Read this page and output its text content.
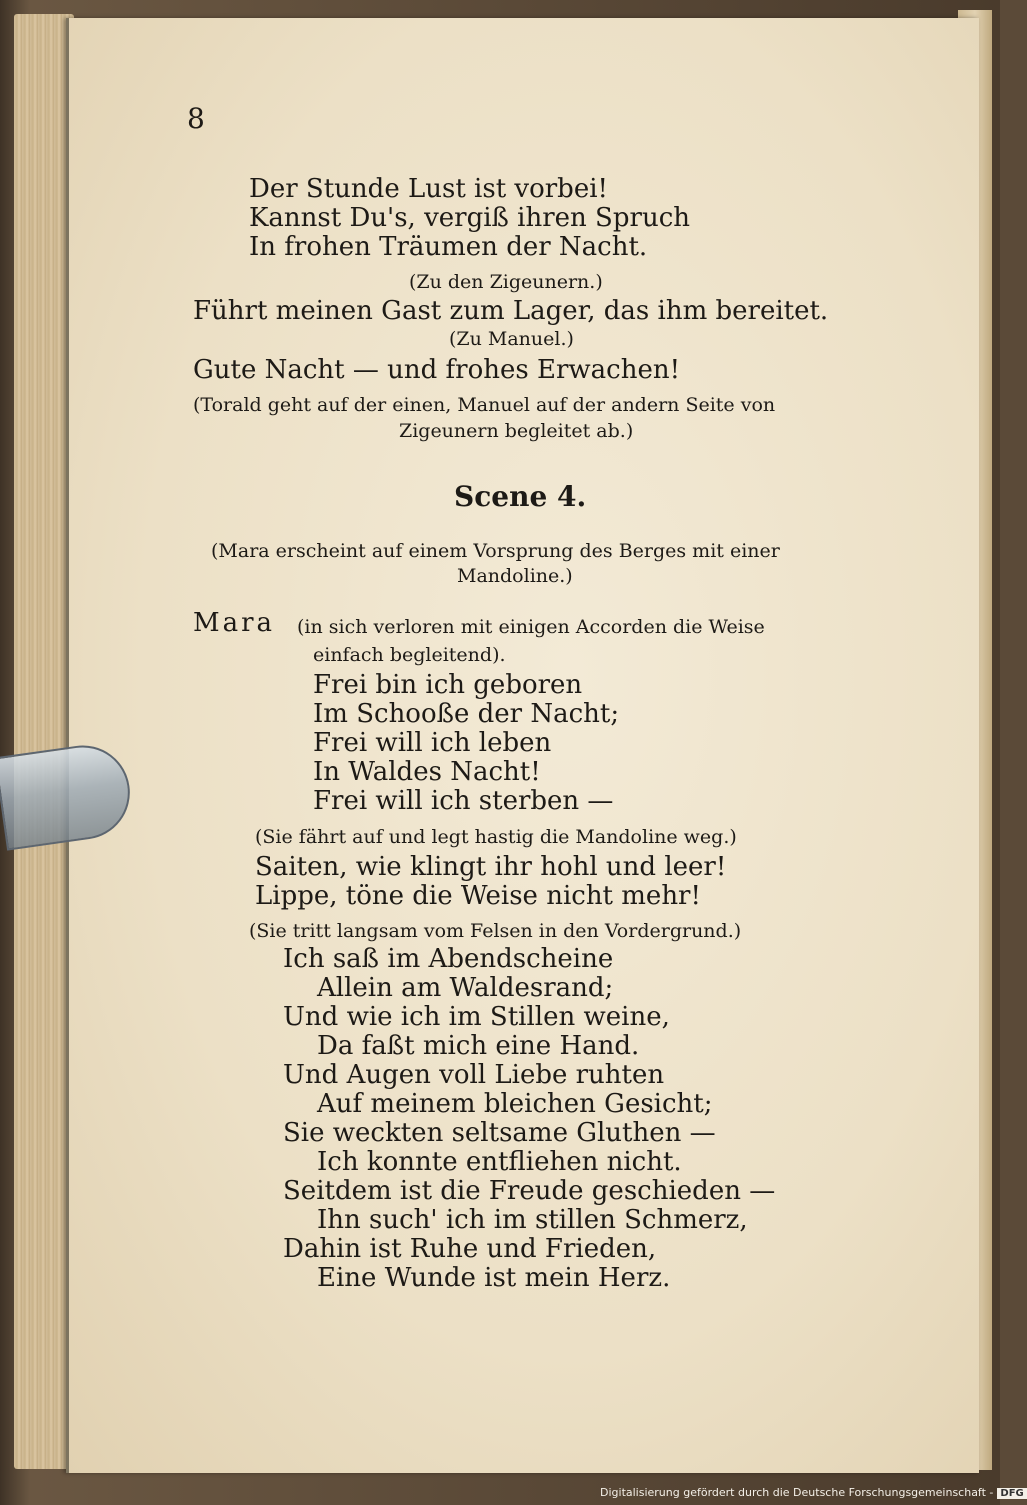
8
Der Stunde Lust ist vorbei!
Kannst Du's, vergiß ihren Spruch
In frohen Träumen der Nacht.
(Zu den Zigeunern.)
Führt meinen Gast zum Lager, das ihm bereitet.
(Zu Manuel.)
Gute Nacht — und frohes Erwachen!
(Torald geht auf der einen, Manuel auf der andern Seite von
Zigeunern begleitet ab.)
Scene 4.
(Mara erscheint auf einem Vorsprung des Berges mit einer
Mandoline.)
Mara (in sich verloren mit einigen Accorden die Weise
einfach begleitend).
Frei bin ich geboren
Im Schooße der Nacht;
Frei will ich leben
In Waldes Nacht!
Frei will ich sterben —
(Sie fährt auf und legt hastig die Mandoline weg.)
Saiten, wie klingt ihr hohl und leer!
Lippe, töne die Weise nicht mehr!
(Sie tritt langsam vom Felsen in den Vordergrund.)
Ich saß im Abendscheine
Allein am Waldesrand;
Und wie ich im Stillen weine,
Da faßt mich eine Hand.
Und Augen voll Liebe ruhten
Auf meinem bleichen Gesicht;
Sie weckten seltsame Gluthen —
Ich konnte entfliehen nicht.
Seitdem ist die Freude geschieden —
Ihn such' ich im stillen Schmerz,
Dahin ist Ruhe und Frieden,
Eine Wunde ist mein Herz.
Digitalisierung gefördert durch die Deutsche Forschungsgemeinschaft - DFG
